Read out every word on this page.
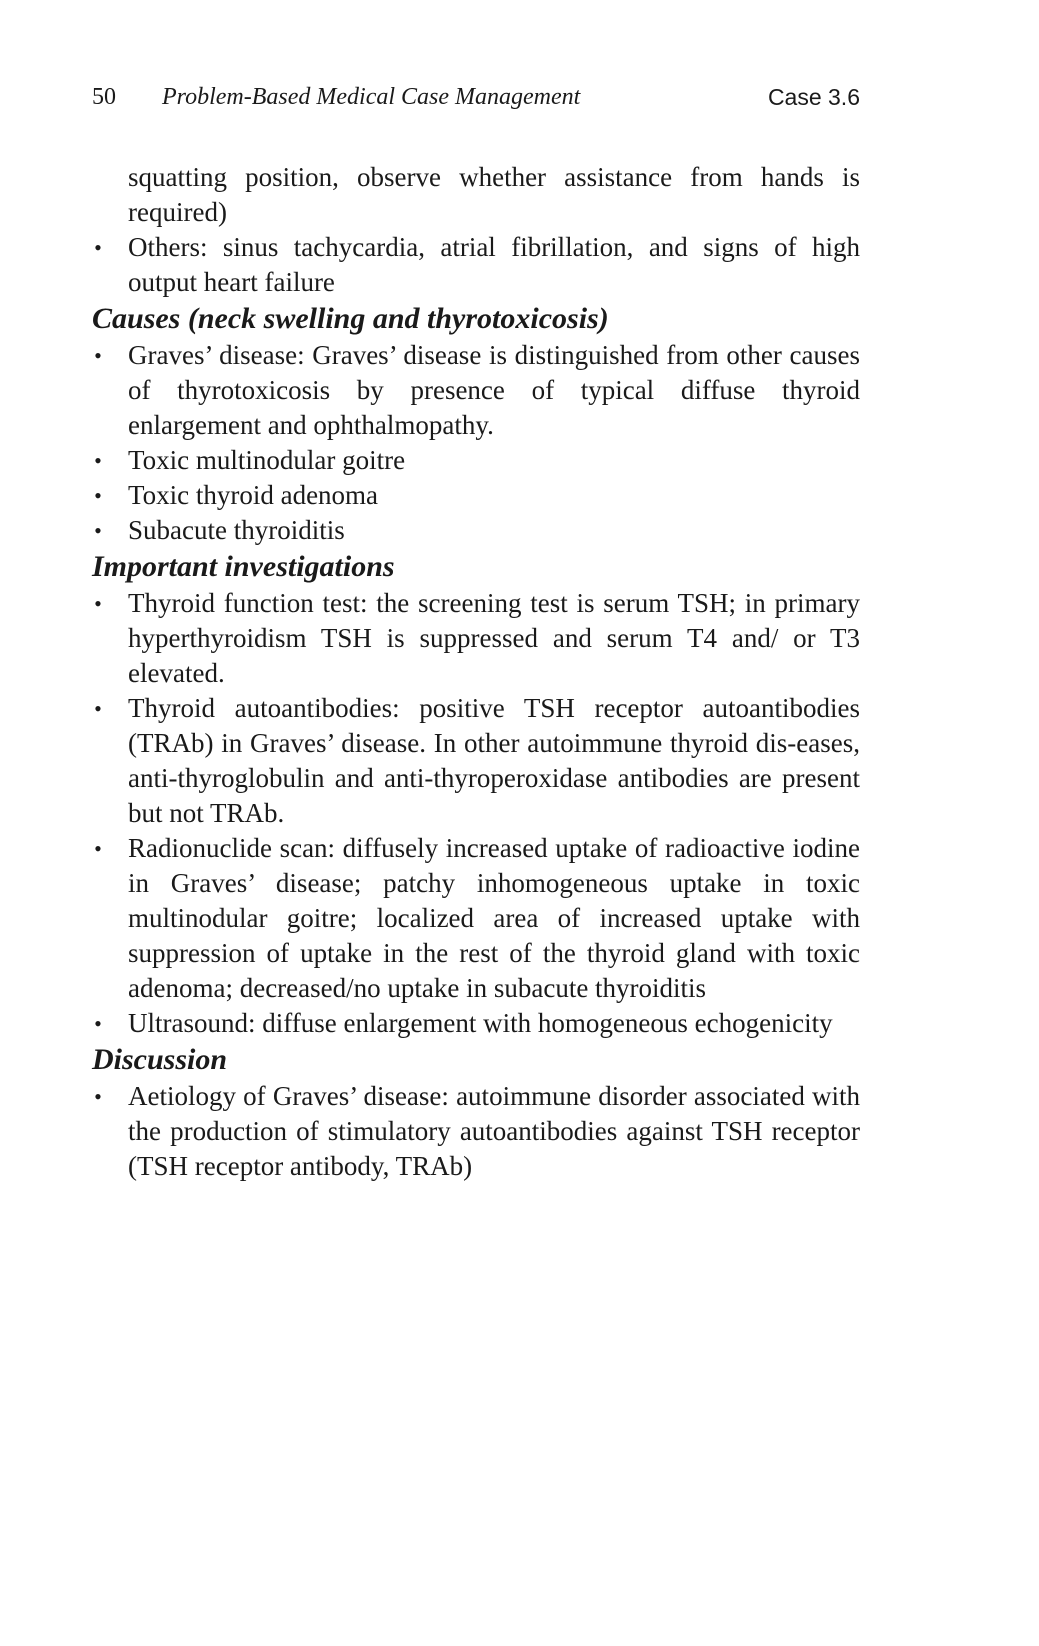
50 Problem-Based Medical Case Management	Case 3.6

squatting position, observe whether assistance from hands is required)

• Others: sinus tachycardia, atrial fibrillation, and signs of high output heart failure
Causes (neck swelling and thyrotoxicosis)
• Graves’ disease: Graves’ disease is distinguished from other causes of thyrotoxicosis by presence of typical diffuse thyroid enlargement and ophthalmopathy.
• Toxic multinodular goitre
• Toxic thyroid adenoma
• Subacute thyroiditis
Important investigations
• Thyroid function test: the screening test is serum TSH; in primary hyperthyroidism TSH is suppressed and serum T4 and/ or T3 elevated.
• Thyroid autoantibodies: positive TSH receptor autoantibodies (TRAb) in Graves’ disease. In other autoimmune thyroid dis-eases, anti-thyroglobulin and anti-thyroperoxidase antibodies are present but not TRAb.
• Radionuclide scan: diffusely increased uptake of radioactive iodine in Graves’ disease; patchy inhomogeneous uptake in toxic multinodular goitre; localized area of increased uptake with suppression of uptake in the rest of the thyroid gland with toxic adenoma; decreased/no uptake in subacute thyroiditis
• Ultrasound: diffuse enlargement with homogeneous echogenicity
Discussion
• Aetiology of Graves’ disease: autoimmune disorder associated with the production of stimulatory autoantibodies against TSH receptor (TSH receptor antibody, TRAb)
